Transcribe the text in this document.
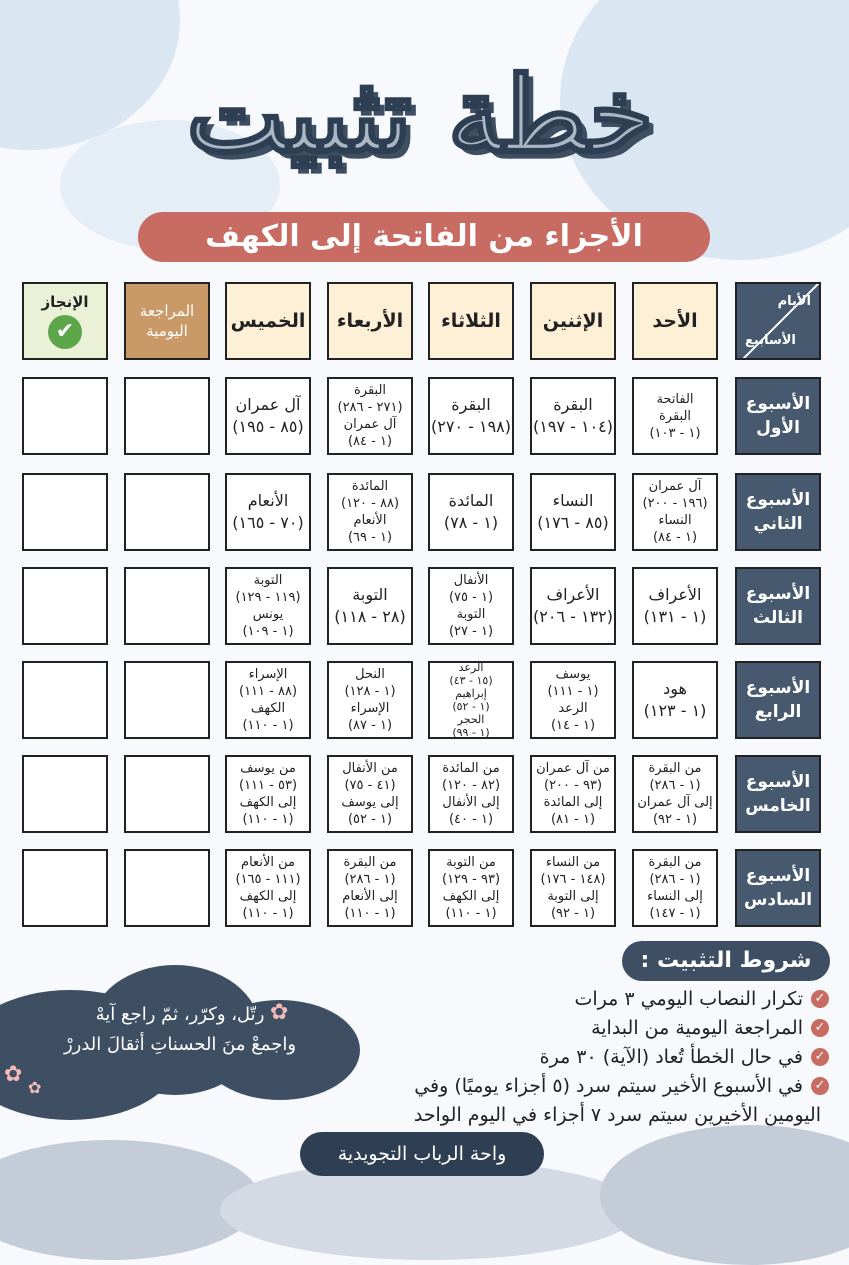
خطة تثبيت
الأجزاء من الفاتحة إلى الكهف
الأيام
الأسابيع
الأحد
الإثنين
الثلاثاء
الأربعاء
الخميس
المراجعة
اليومية
الإنجاز
✔
الأسبوع
الأول
الفاتحة
البقرة
(١ - ١٠٣)
البقرة
(١٠٤ - ١٩٧)
البقرة
(١٩٨ - ٢٧٠)
البقرة
(٢٧١ - ٢٨٦)
آل عمران
(١ - ٨٤)
آل عمران
(٨٥ - ١٩٥)
الأسبوع
الثاني
آل عمران
(١٩٦ - ٢٠٠)
النساء
(١ - ٨٤)
النساء
(٨٥ - ١٧٦)
المائدة
(١ - ٧٨)
المائدة
(٨٨ - ١٢٠)
الأنعام
(١ - ٦٩)
الأنعام
(٧٠ - ١٦٥)
الأسبوع
الثالث
الأعراف
(١ - ١٣١)
الأعراف
(١٣٢ - ٢٠٦)
الأنفال
(١ - ٧٥)
التوبة
(١ - ٢٧)
التوبة
(٢٨ - ١١٨)
التوبة
(١١٩ - ١٢٩)
يونس
(١ - ١٠٩)
الأسبوع
الرابع
هود
(١ - ١٢٣)
يوسف
(١ - ١١١)
الرعد
(١ - ١٤)
الرعد
(١٥ - ٤٣)
إبراهيم
(١ - ٥٢)
الحجر
(١ - ٩٩)
النحل
(١ - ١٢٨)
الإسراء
(١ - ٨٧)
الإسراء
(٨٨ - ١١١)
الكهف
(١ - ١١٠)
الأسبوع
الخامس
من البقرة
(١ - ٢٨٦)
إلى آل عمران
(١ - ٩٢)
من آل عمران
(٩٣ - ٢٠٠)
إلى المائدة
(١ - ٨١)
من المائدة
(٨٢ - ١٢٠)
إلى الأنفال
(١ - ٤٠)
من الأنفال
(٤١ - ٧٥)
إلى يوسف
(١ - ٥٢)
من يوسف
(٥٣ - ١١١)
إلى الكهف
(١ - ١١٠)
الأسبوع
السادس
من البقرة
(١ - ٢٨٦)
إلى النساء
(١ - ١٤٧)
من النساء
(١٤٨ - ١٧٦)
إلى التوبة
(١ - ٩٢)
من التوبة
(٩٣ - ١٢٩)
إلى الكهف
(١ - ١١٠)
من البقرة
(١ - ٢٨٦)
إلى الأنعام
(١ - ١١٠)
من الأنعام
(١١١ - ١٦٥)
إلى الكهف
(١ - ١١٠)
شروط التثبيت :
✓
تكرار النصاب اليومي ٣ مرات
✓
المراجعة اليومية من البداية
✓
في حال الخطأ تُعاد (الآية) ٣٠ مرة
✓
في الأسبوع الأخير سيتم سرد (٥ أجزاء يوميًا) وفي
اليومين الأخيرين سيتم سرد ٧ أجزاء في اليوم الواحد
رتّل، وكرّر، ثمّ راجع آيهْ
واجمعْ منَ الحسناتِ أثقالَ الدررْ
✿
✿
✿
واحة الرباب التجويدية
